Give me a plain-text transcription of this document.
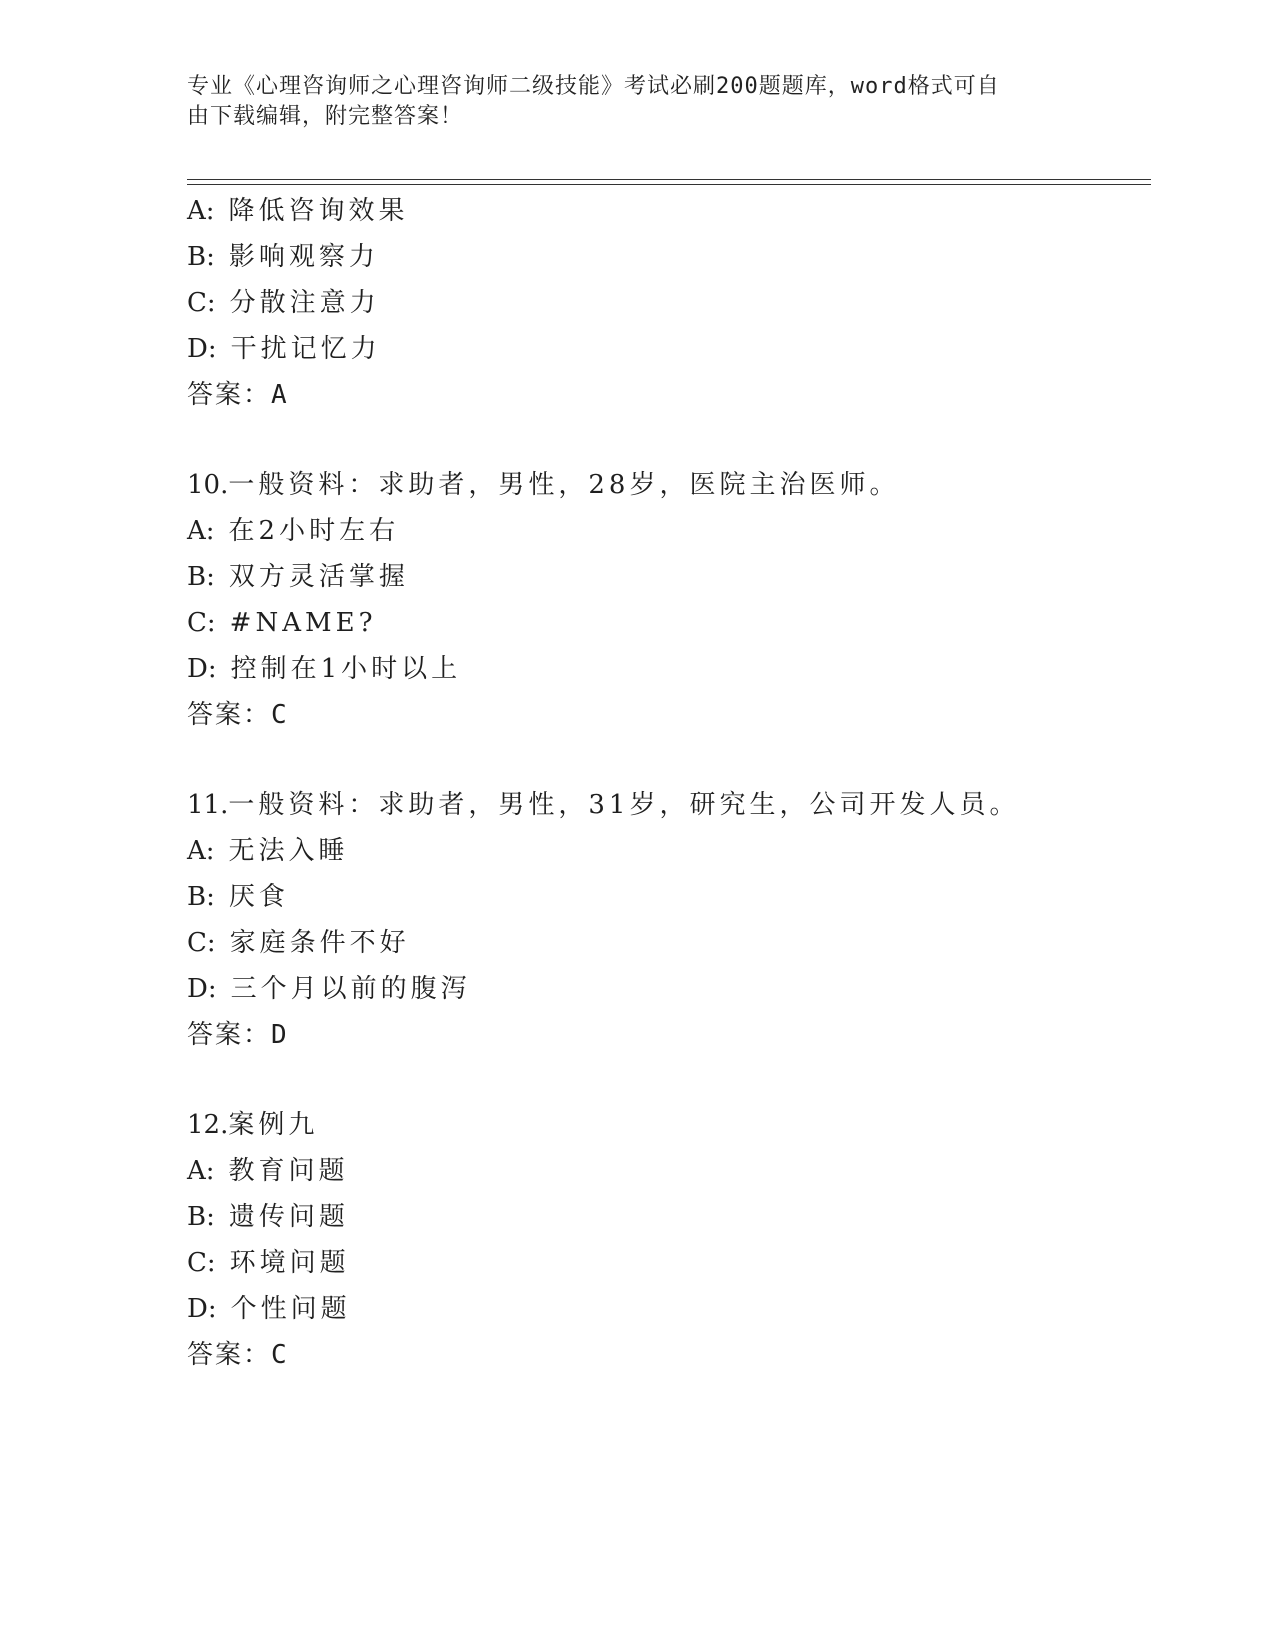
专业《心理咨询师之心理咨询师二级技能》考试必刷200题题库，word格式可自
由下载编辑，附完整答案！
A: 降低咨询效果
B: 影响观察力
C: 分散注意力
D: 干扰记忆力
答案：A
10.一般资料：求助者，男性，28岁，医院主治医师。
A: 在2小时左右
B: 双方灵活掌握
C: #NAME?
D: 控制在1小时以上
答案：C
11.一般资料：求助者，男性，31岁，研究生，公司开发人员。
A: 无法入睡
B: 厌食
C: 家庭条件不好
D: 三个月以前的腹泻
答案：D
12.案例九
A: 教育问题
B: 遗传问题
C: 环境问题
D: 个性问题
答案：C
